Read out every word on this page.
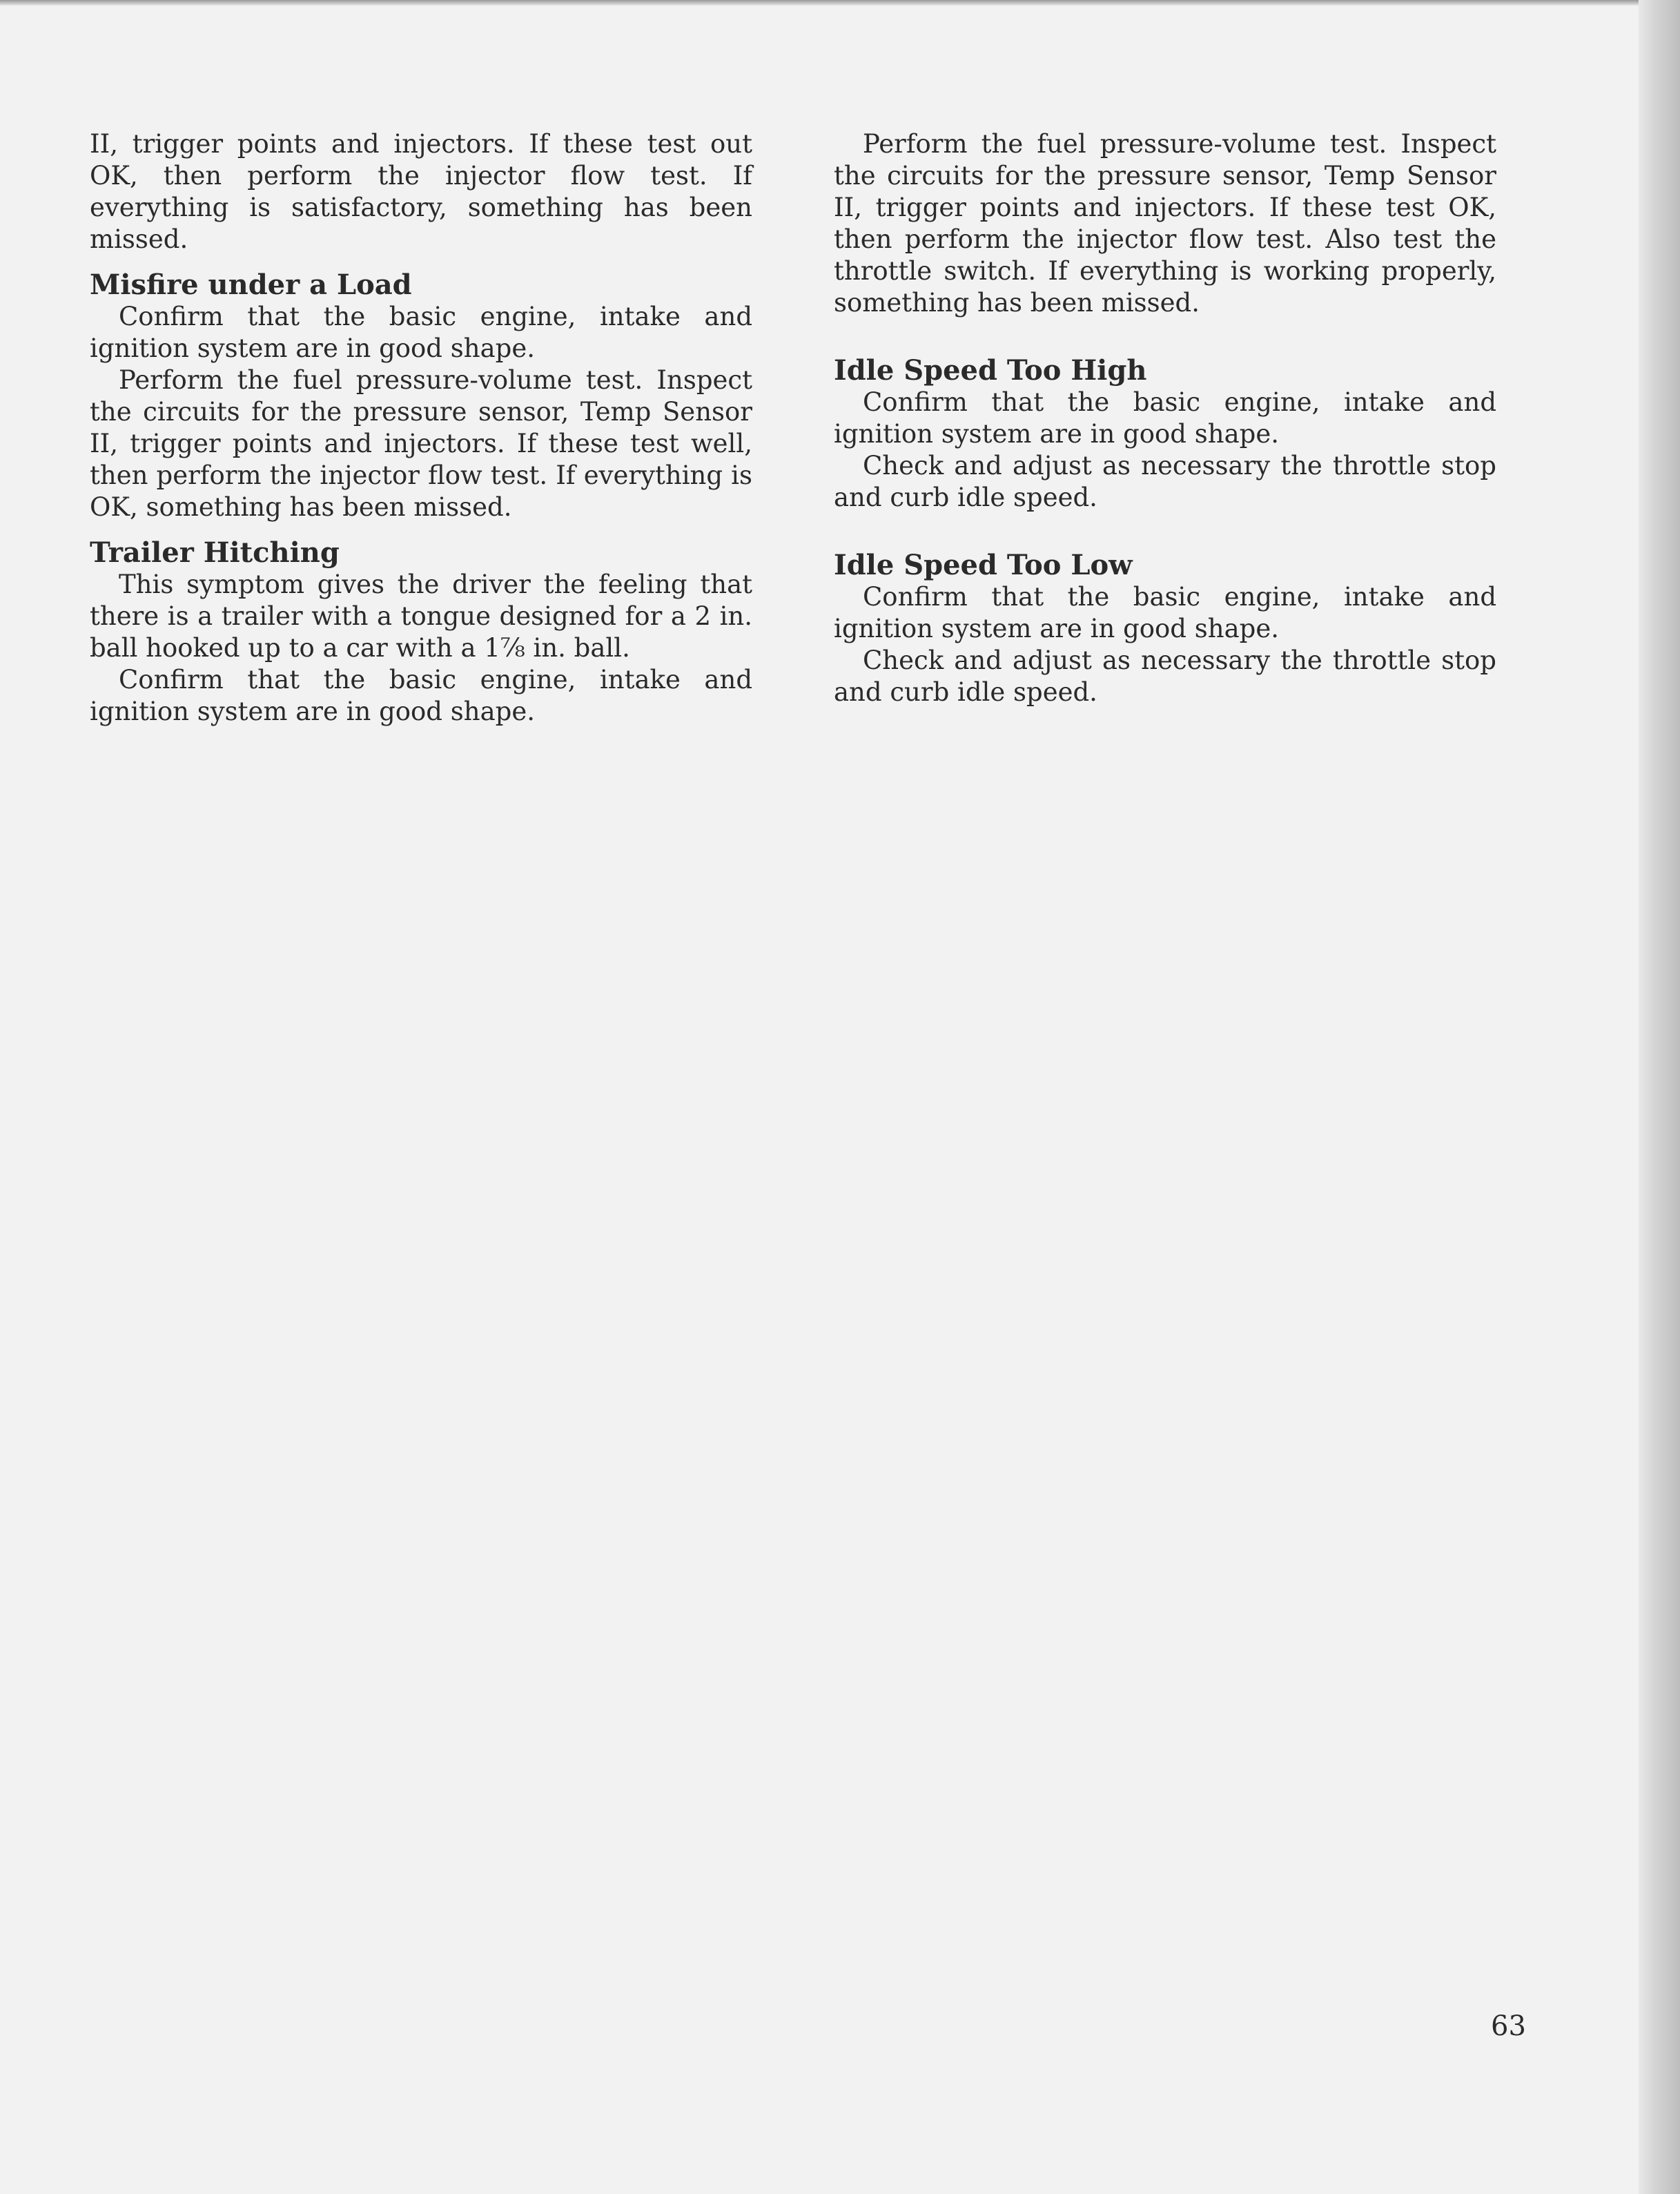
II, trigger points and injectors. If these test out OK, then perform the injector flow test. If everything is satisfactory, something has been missed.

Misfire under a Load

Confirm that the basic engine, intake and ignition system are in good shape.

Perform the fuel pressure-volume test. Inspect the circuits for the pressure sensor, Temp Sensor II, trigger points and injectors. If these test well, then perform the injector flow test. If everything is OK, something has been missed.

Trailer Hitching

This symptom gives the driver the feeling that there is a trailer with a tongue designed for a 2 in. ball hooked up to a car with a 1⅞ in. ball.

Confirm that the basic engine, intake and ignition system are in good shape.

Perform the fuel pressure-volume test. Inspect the circuits for the pressure sensor, Temp Sensor II, trigger points and injectors. If these test OK, then perform the injector flow test. Also test the throttle switch. If everything is working properly, something has been missed.

Idle Speed Too High

Confirm that the basic engine, intake and ignition system are in good shape.

Check and adjust as necessary the throttle stop and curb idle speed.

Idle Speed Too Low

Confirm that the basic engine, intake and ignition system are in good shape.

Check and adjust as necessary the throttle stop and curb idle speed.

63
